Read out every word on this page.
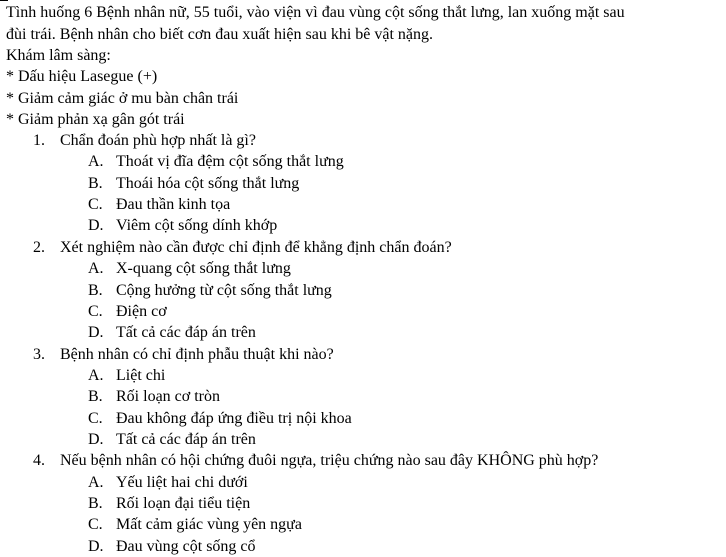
Tình huống 6 Bệnh nhân nữ, 55 tuổi, vào viện vì đau vùng cột sống thắt lưng, lan xuống mặt sau
đùi trái. Bệnh nhân cho biết cơn đau xuất hiện sau khi bê vật nặng.
Khám lâm sàng:
* Dấu hiệu Lasegue (+)
* Giảm cảm giác ở mu bàn chân trái
* Giảm phản xạ gân gót trái
1. Chẩn đoán phù hợp nhất là gì?
A. Thoát vị đĩa đệm cột sống thắt lưng
B. Thoái hóa cột sống thắt lưng
C. Đau thần kinh tọa
D. Viêm cột sống dính khớp
2. Xét nghiệm nào cần được chỉ định để khẳng định chẩn đoán?
A. X-quang cột sống thắt lưng
B. Cộng hưởng từ cột sống thắt lưng
C. Điện cơ
D. Tất cả các đáp án trên
3. Bệnh nhân có chỉ định phẫu thuật khi nào?
A. Liệt chi
B. Rối loạn cơ tròn
C. Đau không đáp ứng điều trị nội khoa
D. Tất cả các đáp án trên
4. Nếu bệnh nhân có hội chứng đuôi ngựa, triệu chứng nào sau đây KHÔNG phù hợp?
A. Yếu liệt hai chi dưới
B. Rối loạn đại tiểu tiện
C. Mất cảm giác vùng yên ngựa
D. Đau vùng cột sống cổ
